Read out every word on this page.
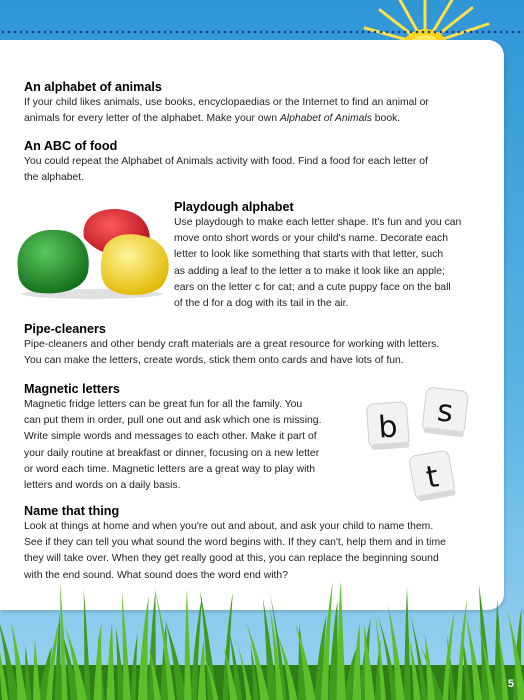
An alphabet of animals

If your child likes animals, use books, encyclopaedias or the Internet to find an animal or
animals for every letter of the alphabet. Make your own Alphabet of Animals book.

An ABC of food

You could repeat the Alphabet of Animals activity with food. Find a food for each letter of
the alphabet.

Playdough alphabet

Use playdough to make each letter shape. It's fun and you can
move onto short words or your child's name. Decorate each
letter to look like something that starts with that letter, such
as adding a leaf to the letter a to make it look like an apple;
ears on the letter c for cat; and a cute puppy face on the ball
of the d for a dog with its tail in the air.

Pipe-cleaners

Pipe-cleaners and other bendy craft materials are a great resource for working with letters.
You can make the letters, create words, stick them onto cards and have lots of fun.

Magnetic letters

Magnetic fridge letters can be great fun for all the family. You
can put them in order, pull one out and ask which one is missing.
Write simple words and messages to each other. Make it part of
your daily routine at breakfast or dinner, focusing on a new letter
or word each time. Magnetic letters are a great way to play with
letters and words on a daily basis.

b s
t
Name that thing

Look at things at home and when you're out and about, and ask your child to name them.
See if they can tell you what sound the word begins with. If they can't, help them and in time
they will take over. When they get really good at this, you can replace the beginning sound
with the end sound. What sound does the word end with?

5
